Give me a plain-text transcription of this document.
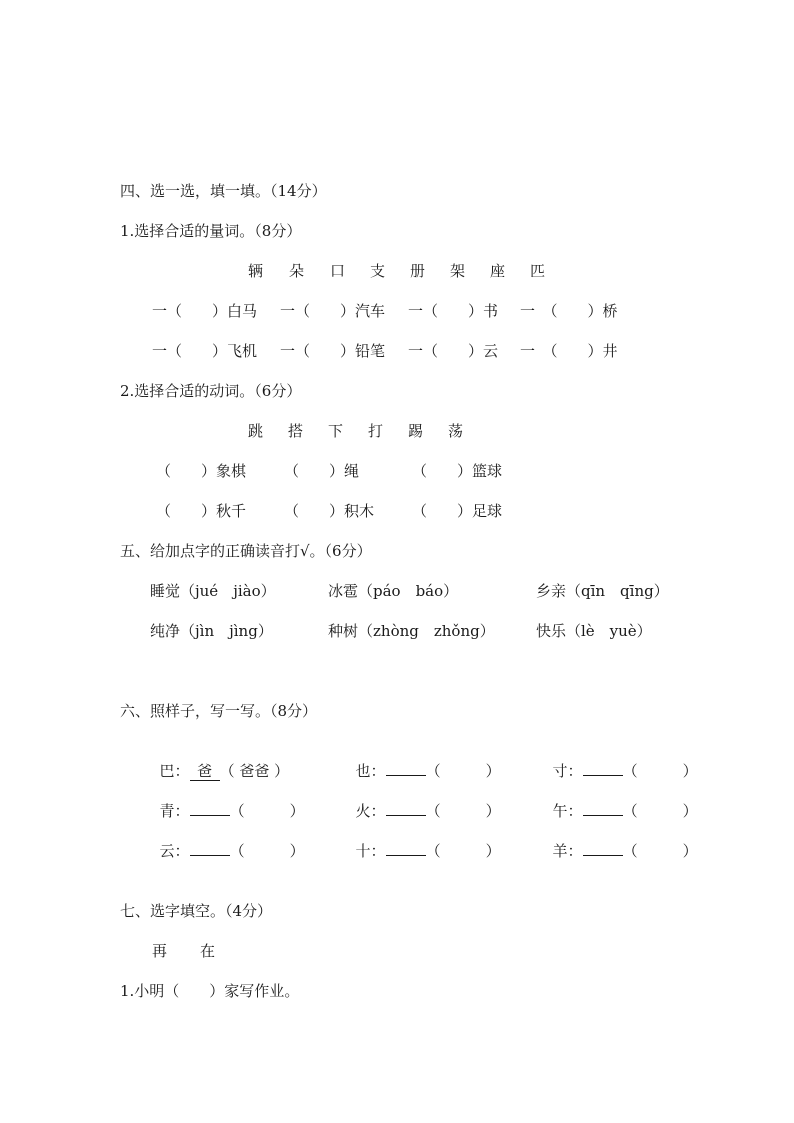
四、选一选，填一填。（14分）
1.选择合适的量词。（8分）
辆 朵 口 支 册 架 座 匹
一（　　）白马 一（　　）汽车 一（　　）书 一　（　　）桥
一（　　）飞机 一（　　）铅笔 一（　　）云 一　（　　）井
2.选择合适的动词。（6分）
跳 搭 下 打 踢 荡
（　　）象棋	（　　）绳	（　　）篮球
（　　）秋千	（　　）积木	（　　）足球
五、给加点字的正确读音打√。（6分）
睡觉（jué　jiào）	冰雹（páo　báo）	乡亲（qīn　qīng）
纯净（jìn　jìng）	种树（zhòng　zhǒng）	快乐（lè　yuè）
六、照样子，写一写。（8分）

巴：  爸  （ 爸爸 ）	也：	（　　　）	寸：	（　　　）

青：	（　　　）	火：	（　　　）	午：	（　　　）

云：	（　　　）	十：	（　　　）	羊：	（　　　）

七、选字填空。（4分）
再 在
1.小明（　　）家写作业。
